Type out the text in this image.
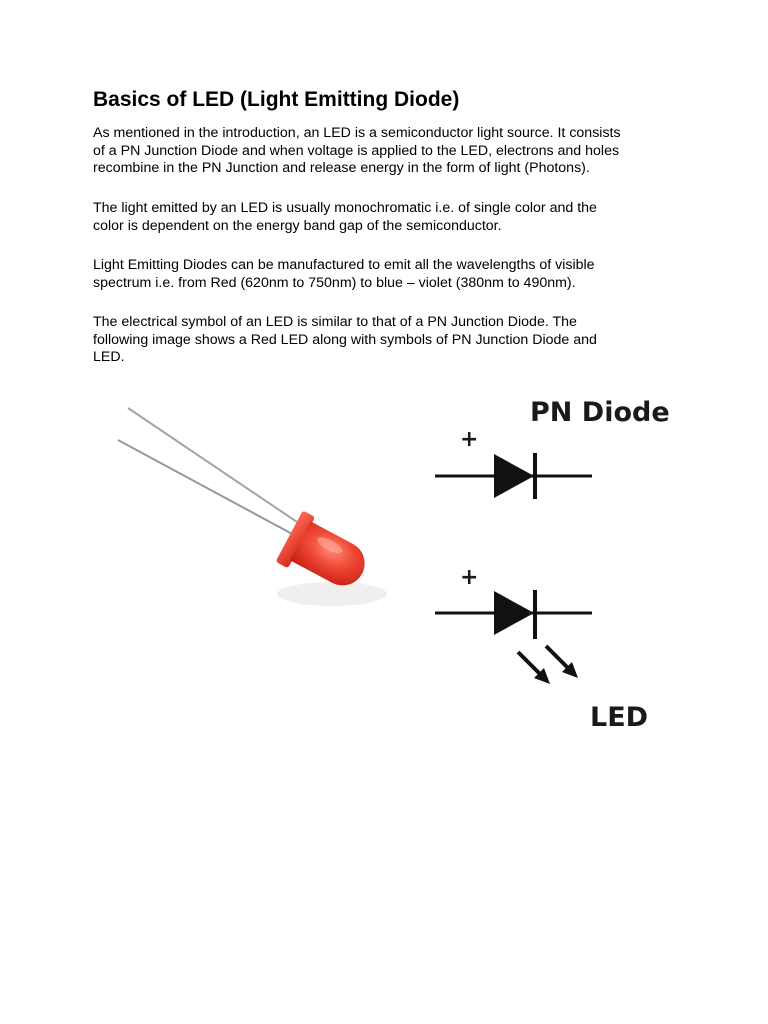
Basics of LED (Light Emitting Diode)

As mentioned in the introduction, an LED is a semiconductor light source. It consists
of a PN Junction Diode and when voltage is applied to the LED, electrons and holes
recombine in the PN Junction and release energy in the form of light (Photons).

The light emitted by an LED is usually monochromatic i.e. of single color and the
color is dependent on the energy band gap of the semiconductor.

Light Emitting Diodes can be manufactured to emit all the wavelengths of visible
spectrum i.e. from Red (620nm to 750nm) to blue – violet (380nm to 490nm).

The electrical symbol of an LED is similar to that of a PN Junction Diode. The
following image shows a Red LED along with symbols of PN Junction Diode and
LED.

PN Diode
+
+
LED
